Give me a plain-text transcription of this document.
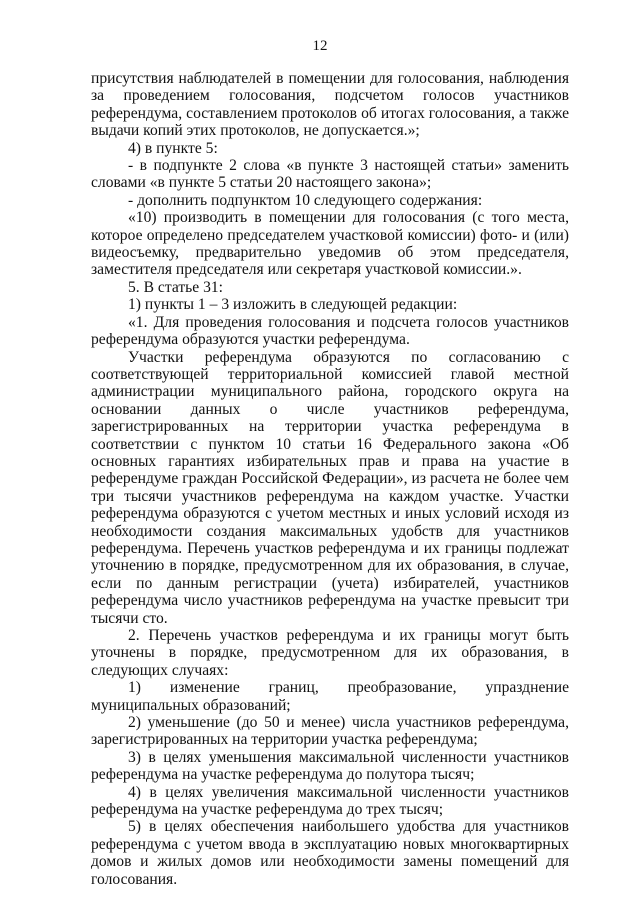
12

присутствия наблюдателей в помещении для голосования, наблюдения за проведением голосования, подсчетом голосов участников референдума, составлением протоколов об итогах голосования, а также выдачи копий этих протоколов, не допускается.»;

4) в пункте 5:

- в подпункте 2 слова «в пункте 3 настоящей статьи» заменить словами «в пункте 5 статьи 20 настоящего закона»;

- дополнить подпунктом 10 следующего содержания:

«10) производить в помещении для голосования (с того места, которое определено председателем участковой комиссии) фото- и (или) видеосъемку, предварительно уведомив об этом председателя, заместителя председателя или секретаря участковой комиссии.».

5. В статье 31:

1) пункты 1 – 3 изложить в следующей редакции:

«1. Для проведения голосования и подсчета голосов участников референдума образуются участки референдума.

Участки референдума образуются по согласованию с соответствующей территориальной комиссией главой местной администрации муниципального района, городского округа на основании данных о числе участников референдума, зарегистрированных на территории участка референдума в соответствии с пунктом 10 статьи 16 Федерального закона «Об основных гарантиях избирательных прав и права на участие в референдуме граждан Российской Федерации», из расчета не более чем три тысячи участников референдума на каждом участке. Участки референдума образуются с учетом местных и иных условий исходя из необходимости создания максимальных удобств для участников референдума. Перечень участков референдума и их границы подлежат уточнению в порядке, предусмотренном для их образования, в случае, если по данным регистрации (учета) избирателей, участников референдума число участников референдума на участке превысит три тысячи сто.

2. Перечень участков референдума и их границы могут быть уточнены в порядке, предусмотренном для их образования, в следующих случаях:

1) изменение границ, преобразование, упразднение муниципальных образований;

2) уменьшение (до 50 и менее) числа участников референдума, зарегистрированных на территории участка референдума;

3) в целях уменьшения максимальной численности участников референдума на участке референдума до полутора тысяч;

4) в целях увеличения максимальной численности участников референдума на участке референдума до трех тысяч;

5) в целях обеспечения наибольшего удобства для участников референдума с учетом ввода в эксплуатацию новых многоквартирных домов и жилых домов или необходимости замены помещений для голосования.
